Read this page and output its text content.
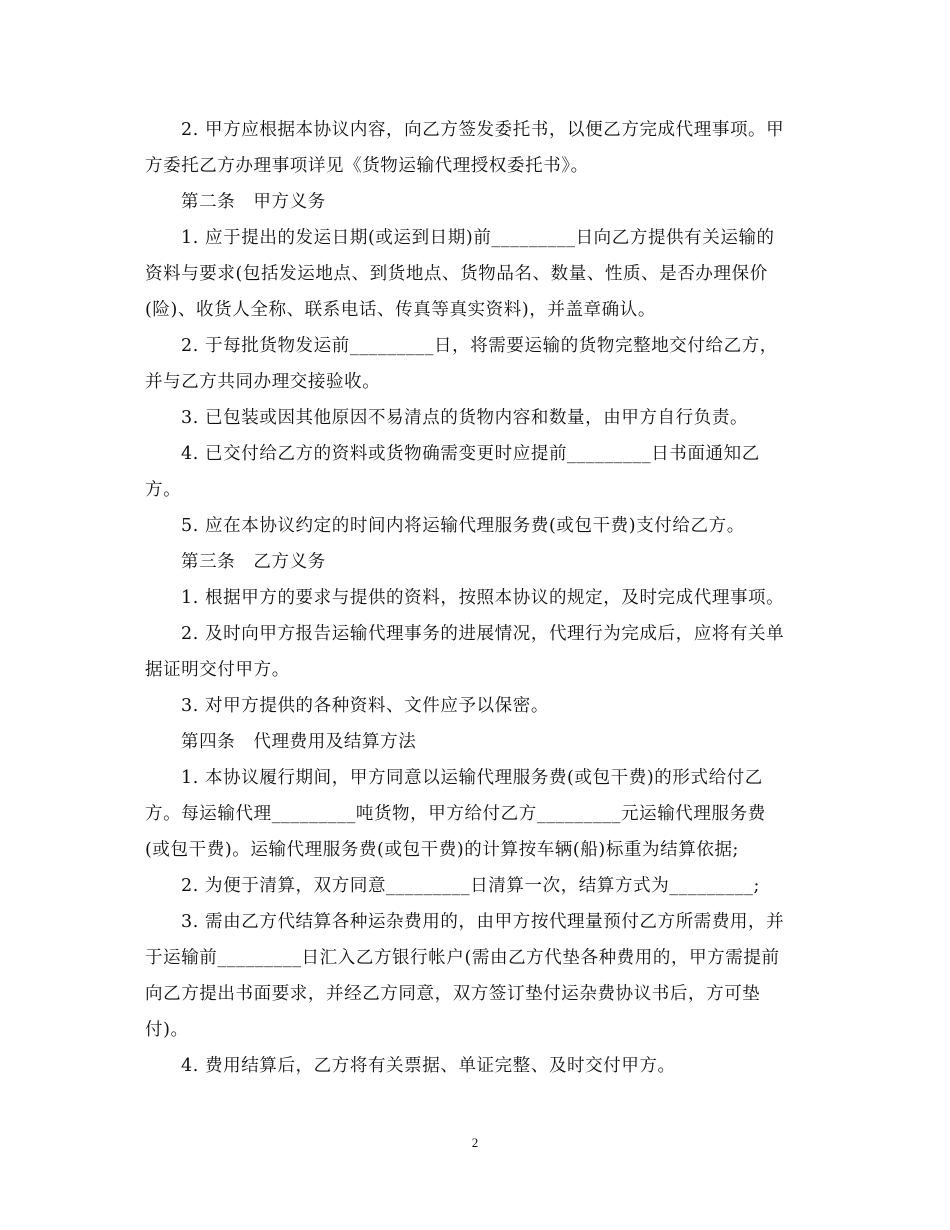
2. 甲方应根据本协议内容，向乙方签发委托书，以便乙方完成代理事项。甲
方委托乙方办理事项详见《货物运输代理授权委托书》。
第二条　甲方义务
1. 应于提出的发运日期(或运到日期)前_________日向乙方提供有关运输的
资料与要求(包括发运地点、到货地点、货物品名、数量、性质、是否办理保价
(险)、收货人全称、联系电话、传真等真实资料)，并盖章确认。
2. 于每批货物发运前_________日，将需要运输的货物完整地交付给乙方，
并与乙方共同办理交接验收。
3. 已包装或因其他原因不易清点的货物内容和数量，由甲方自行负责。
4. 已交付给乙方的资料或货物确需变更时应提前_________日书面通知乙
方。
5. 应在本协议约定的时间内将运输代理服务费(或包干费)支付给乙方。
第三条　乙方义务
1. 根据甲方的要求与提供的资料，按照本协议的规定，及时完成代理事项。
2. 及时向甲方报告运输代理事务的进展情况，代理行为完成后，应将有关单
据证明交付甲方。
3. 对甲方提供的各种资料、文件应予以保密。
第四条　代理费用及结算方法
1. 本协议履行期间，甲方同意以运输代理服务费(或包干费)的形式给付乙
方。每运输代理_________吨货物，甲方给付乙方_________元运输代理服务费
(或包干费)。运输代理服务费(或包干费)的计算按车辆(船)标重为结算依据;
2. 为便于清算，双方同意_________日清算一次，结算方式为_________;
3. 需由乙方代结算各种运杂费用的，由甲方按代理量预付乙方所需费用，并
于运输前_________日汇入乙方银行帐户(需由乙方代垫各种费用的，甲方需提前
向乙方提出书面要求，并经乙方同意，双方签订垫付运杂费协议书后，方可垫
付)。
4. 费用结算后，乙方将有关票据、单证完整、及时交付甲方。
2
